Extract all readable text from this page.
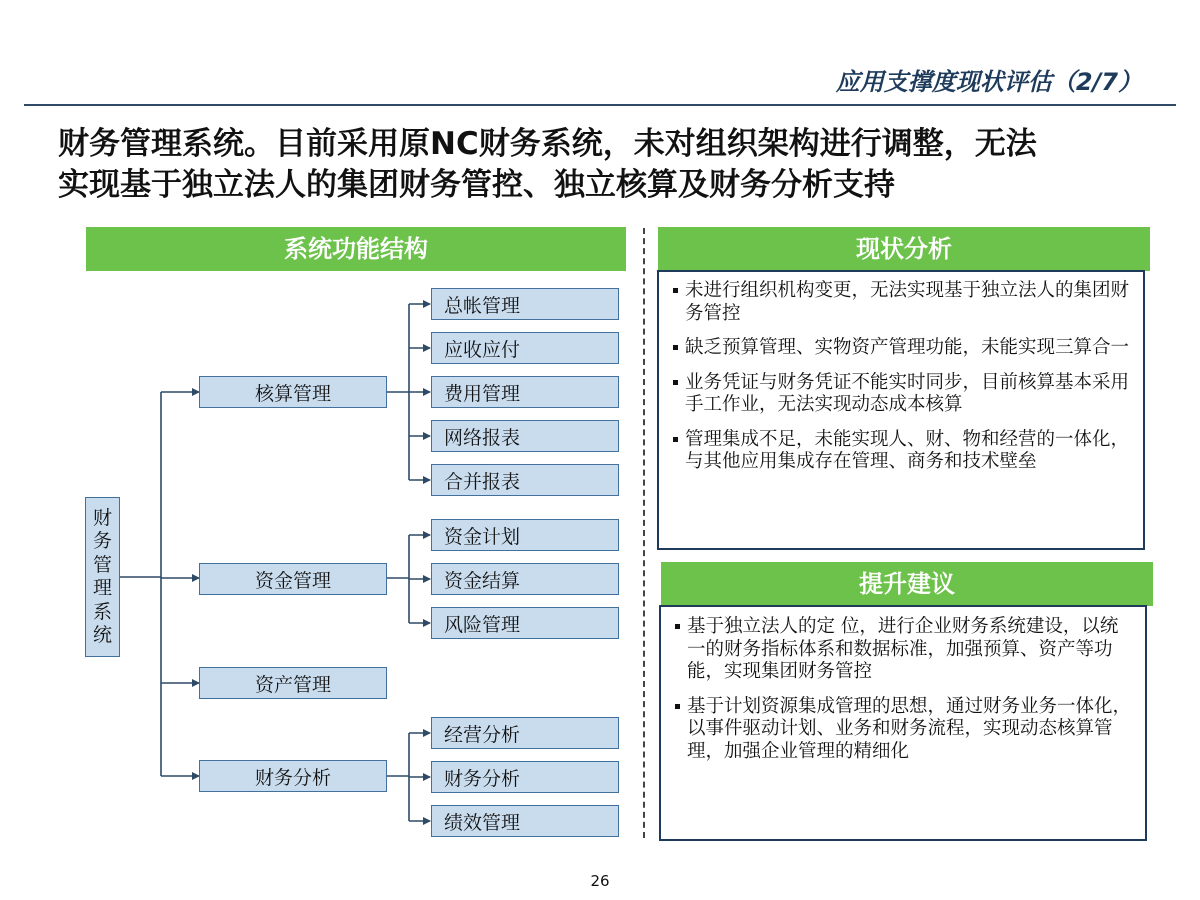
应用支撑度现状评估（2/7）
财务管理系统。目前采用原NC财务系统，未对组织架构进行调整，无法
实现基于独立法人的集团财务管控、独立核算及财务分析支持
系统功能结构
财务管理系统
核算管理
总帐管理
应收应付
费用管理
网络报表
合并报表
资金管理
资金计划
资金结算
风险管理
资产管理
财务分析
经营分析
财务分析
绩效管理
现状分析
未进行组织机构变更，无法实现基于独立法人的集团财务管控
缺乏预算管理、实物资产管理功能，未能实现三算合一
业务凭证与财务凭证不能实时同步，目前核算基本采用手工作业，无法实现动态成本核算
管理集成不足，未能实现人、财、物和经营的一体化，与其他应用集成存在管理、商务和技术壁垒
提升建议
基于独立法人的定 位，进行企业财务系统建设，以统一的财务指标体系和数据标准，加强预算、资产等功能，实现集团财务管控
基于计划资源集成管理的思想，通过财务业务一体化，以事件驱动计划、业务和财务流程，实现动态核算管理，加强企业管理的精细化
26
